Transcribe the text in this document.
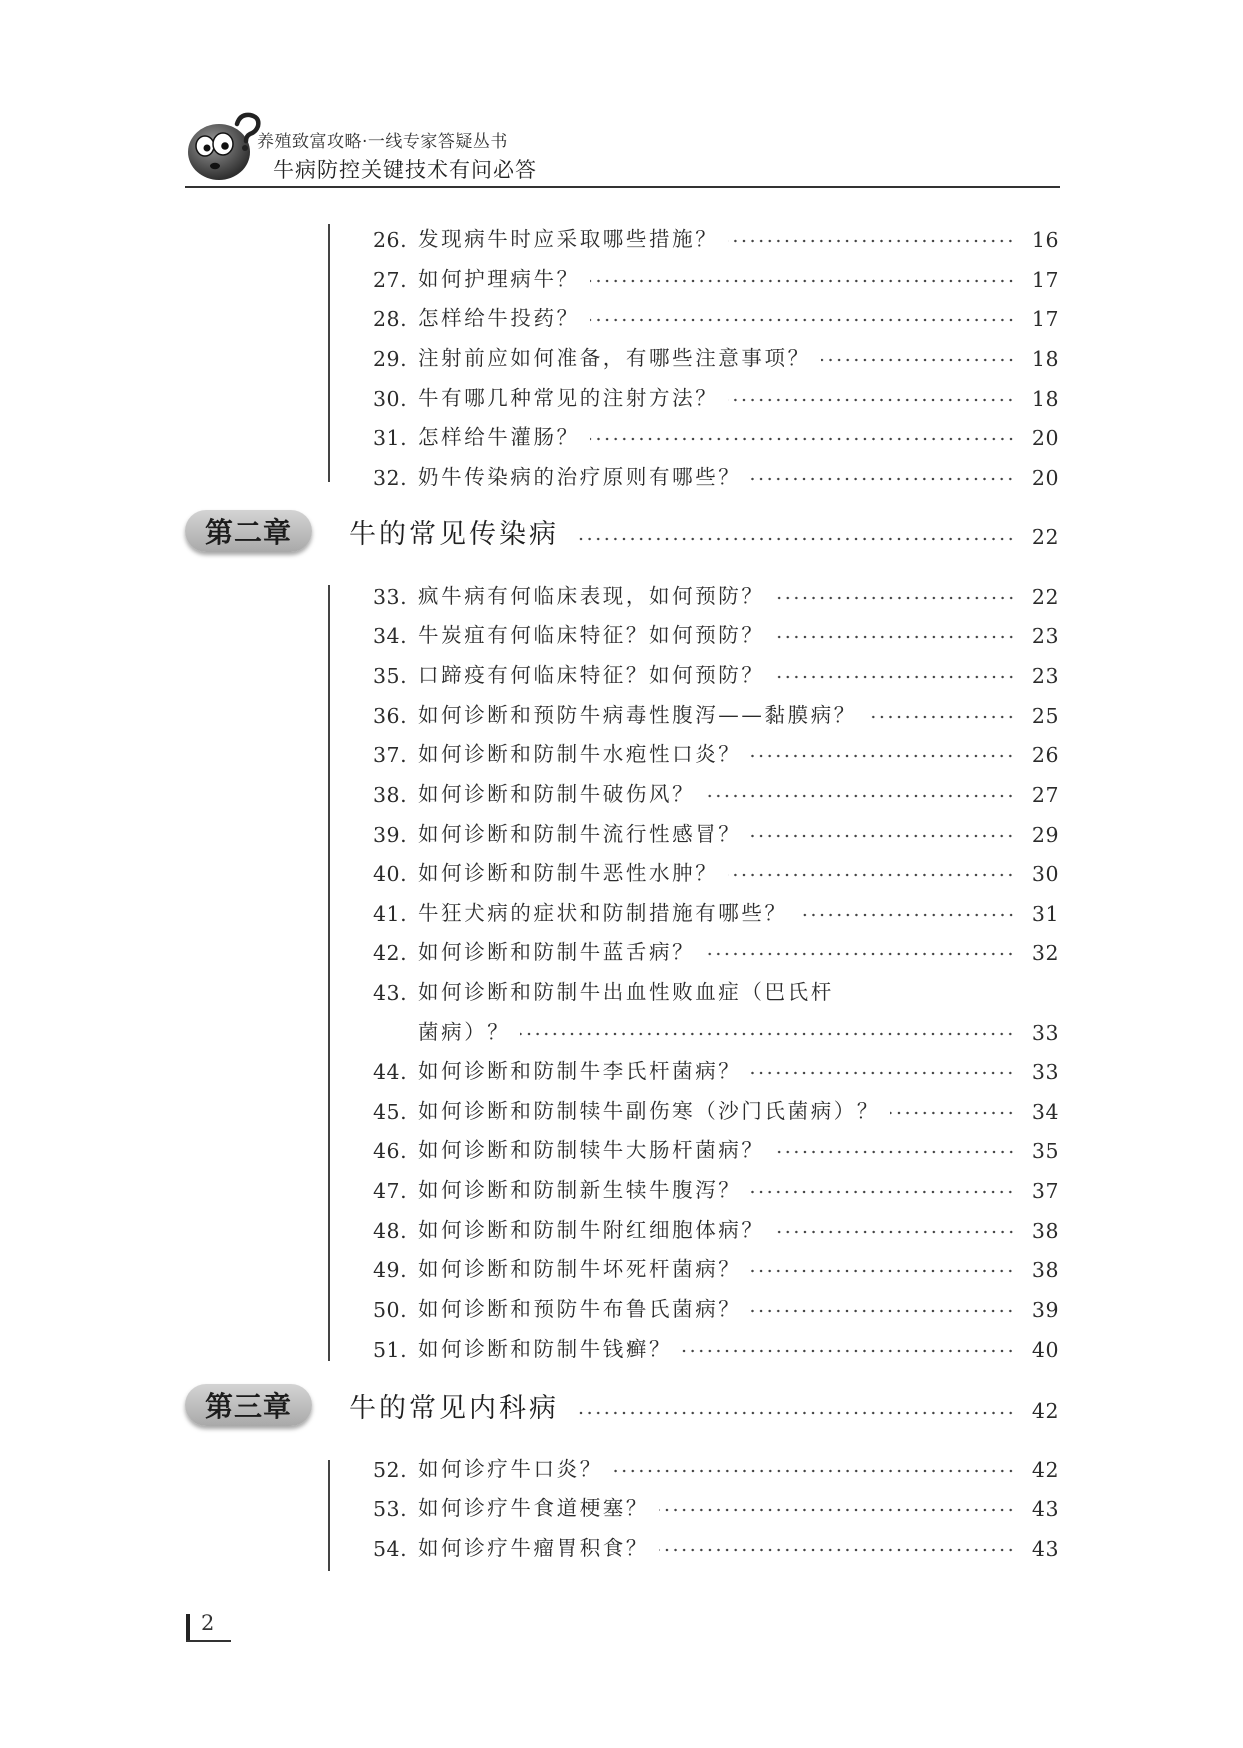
养殖致富攻略·一线专家答疑丛书
牛病防控关键技术有问必答
26. 发现病牛时应采取哪些措施？	16
27. 如何护理病牛？	17
28. 怎样给牛投药？	17
29. 注射前应如何准备，有哪些注意事项？	18
30. 牛有哪几种常见的注射方法？	18
31. 怎样给牛灌肠？	20
32. 奶牛传染病的治疗原则有哪些？	20
第二章	牛的常见传染病	22
33. 疯牛病有何临床表现，如何预防？	22
34. 牛炭疽有何临床特征？如何预防？	23
35. 口蹄疫有何临床特征？如何预防？	23
36. 如何诊断和预防牛病毒性腹泻——黏膜病？	25
37. 如何诊断和防制牛水疱性口炎？	26
38. 如何诊断和防制牛破伤风？	27
39. 如何诊断和防制牛流行性感冒？	29
40. 如何诊断和防制牛恶性水肿？	30
41. 牛狂犬病的症状和防制措施有哪些？	31
42. 如何诊断和防制牛蓝舌病？	32
43. 如何诊断和防制牛出血性败血症（巴氏杆
菌病）？	33
44. 如何诊断和防制牛李氏杆菌病？	33
45. 如何诊断和防制犊牛副伤寒（沙门氏菌病）？	34
46. 如何诊断和防制犊牛大肠杆菌病？	35
47. 如何诊断和防制新生犊牛腹泻？	37
48. 如何诊断和防制牛附红细胞体病？	38
49. 如何诊断和防制牛坏死杆菌病？	38
50. 如何诊断和预防牛布鲁氏菌病？	39
51. 如何诊断和防制牛钱癣？	40
第三章	牛的常见内科病	42
52. 如何诊疗牛口炎？	42
53. 如何诊疗牛食道梗塞？	43
54. 如何诊疗牛瘤胃积食？	43
2
